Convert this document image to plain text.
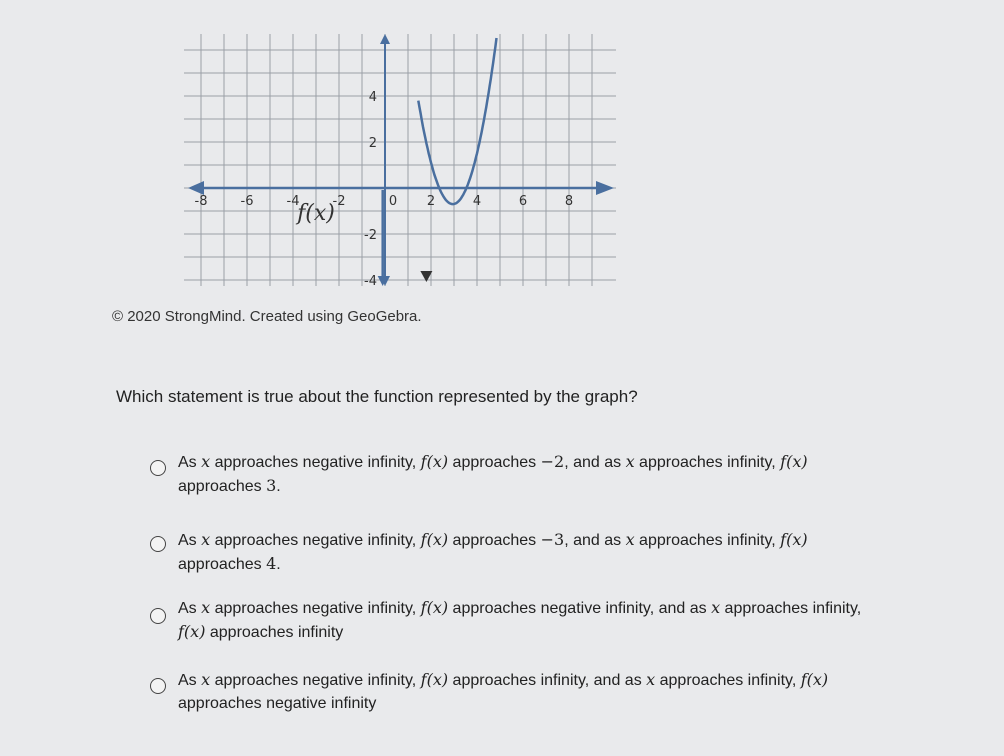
-8	-6	-4	-2	0 2	4	6	8
4
2
-2
-4
f(x)
© 2020 StrongMind. Created using GeoGebra.
Which statement is true about the function represented by the graph?
As x approaches negative infinity, f(x) approaches −2, and as x approaches infinity, f(x)
approaches 3.
As x approaches negative infinity, f(x) approaches −3, and as x approaches infinity, f(x)
approaches 4.
As x approaches negative infinity, f(x) approaches negative infinity, and as x approaches infinity,
f(x) approaches infinity
As x approaches negative infinity, f(x) approaches infinity, and as x approaches infinity, f(x)
approaches negative infinity
